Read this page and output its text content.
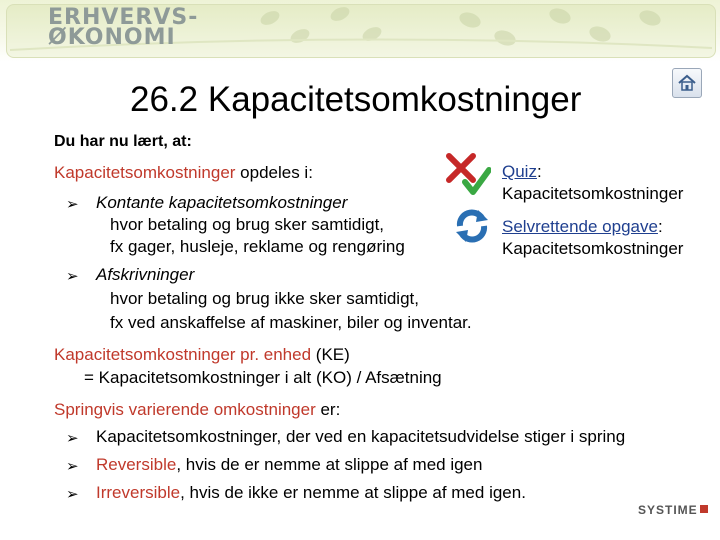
ERHVERVS-
ØKONOMI
26.2 Kapacitetsomkostninger
Du har nu lært, at:
Kapacitetsomkostninger opdeles i:
➢ Kontante kapacitetsomkostninger
hvor betaling og brug sker samtidigt,
fx gager, husleje, reklame og rengøring
➢ Afskrivninger
hvor betaling og brug ikke sker samtidigt,
fx ved anskaffelse af maskiner, biler og inventar.
Quiz:
Kapacitetsomkostninger
Selvrettende opgave:
Kapacitetsomkostninger
Kapacitetsomkostninger pr. enhed (KE)
= Kapacitetsomkostninger i alt (KO) / Afsætning
Springvis varierende omkostninger er:
➢ Kapacitetsomkostninger, der ved en kapacitetsudvidelse stiger i spring
➢ Reversible, hvis de er nemme at slippe af med igen
➢ Irreversible, hvis de ikke er nemme at slippe af med igen.
SYSTIME
